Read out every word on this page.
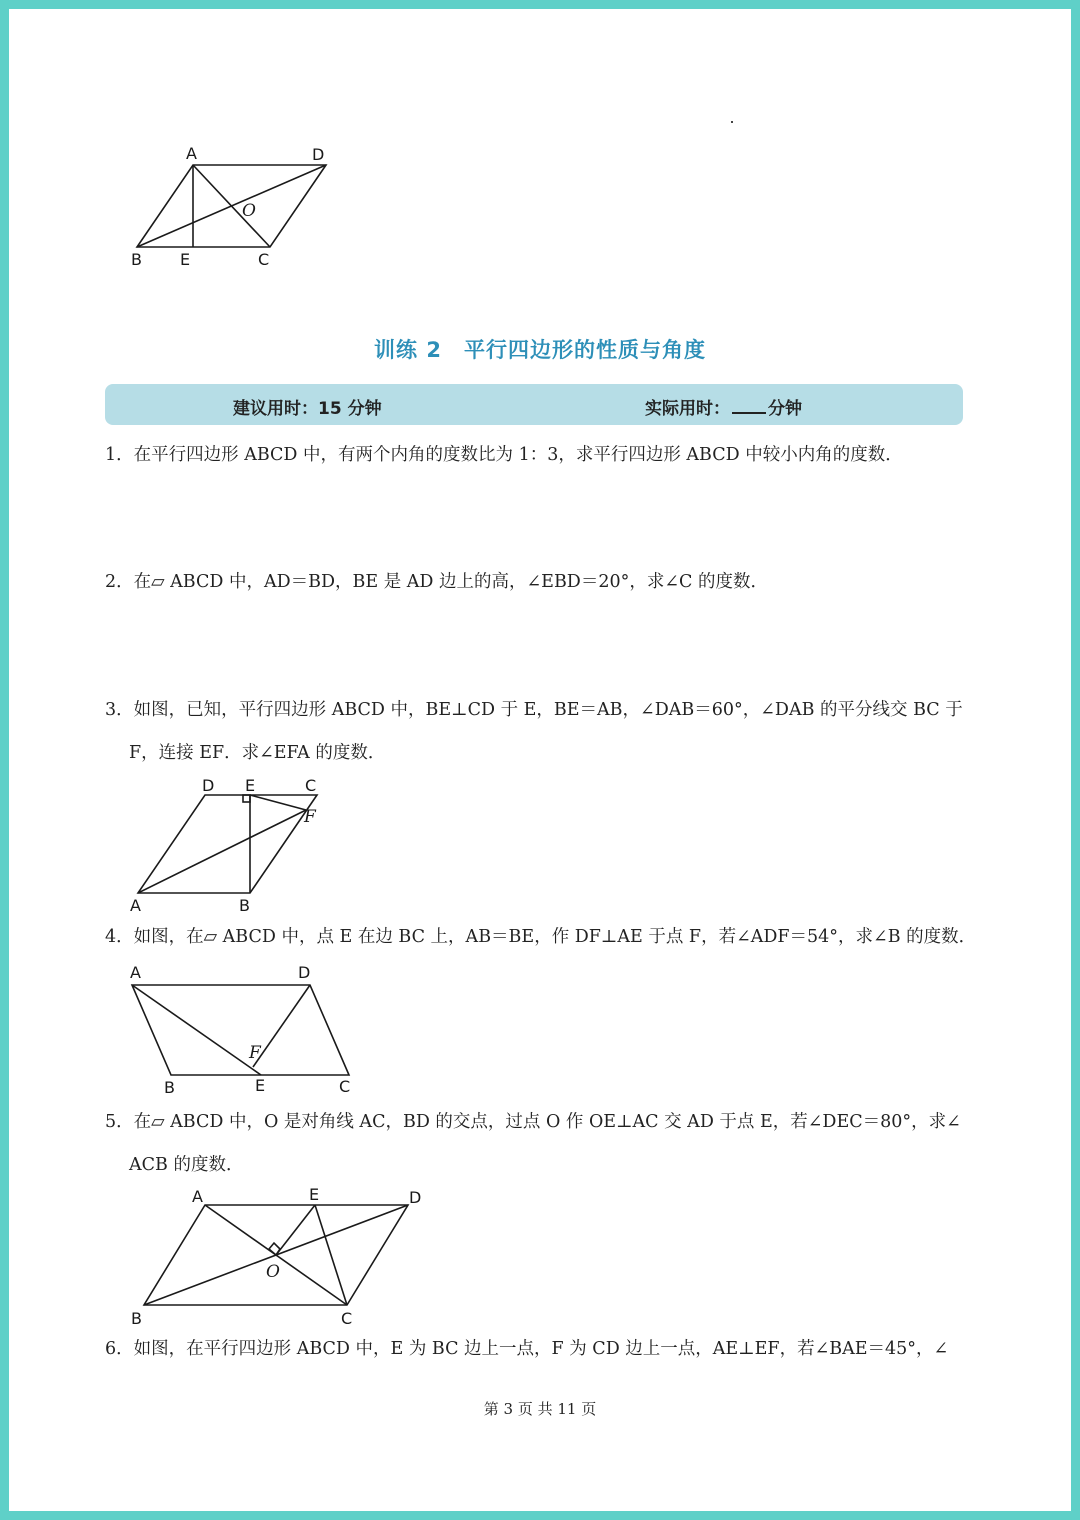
A	D
O
B E	C
训练 2 平行四边形的性质与角度
建议用时：15 分钟	实际用时： 分钟
1．在平行四边形 ABCD 中，有两个内角的度数比为 1：3，求平行四边形 ABCD 中较小内角的度数．
2．在▱ ABCD 中，AD＝BD，BE 是 AD 边上的高，∠EBD＝20°，求∠C 的度数．
3．如图，已知，平行四边形 ABCD 中，BE⊥CD 于 E，BE＝AB，∠DAB＝60°，∠DAB 的平分线交 BC 于
F，连接 EF．求∠EFA 的度数．
D E	C
F
A	B
4．如图，在▱ ABCD 中，点 E 在边 BC 上，AB＝BE，作 DF⊥AE 于点 F，若∠ADF＝54°，求∠B 的度数．
A	D
F
B	E	C
5．在▱ ABCD 中，O 是对角线 AC，BD 的交点，过点 O 作 OE⊥AC 交 AD 于点 E，若∠DEC＝80°，求∠
ACB 的度数．
A	E	D
O
B	C
6．如图，在平行四边形 ABCD 中，E 为 BC 边上一点，F 为 CD 边上一点，AE⊥EF，若∠BAE＝45°，∠
第 3 页 共 11 页
